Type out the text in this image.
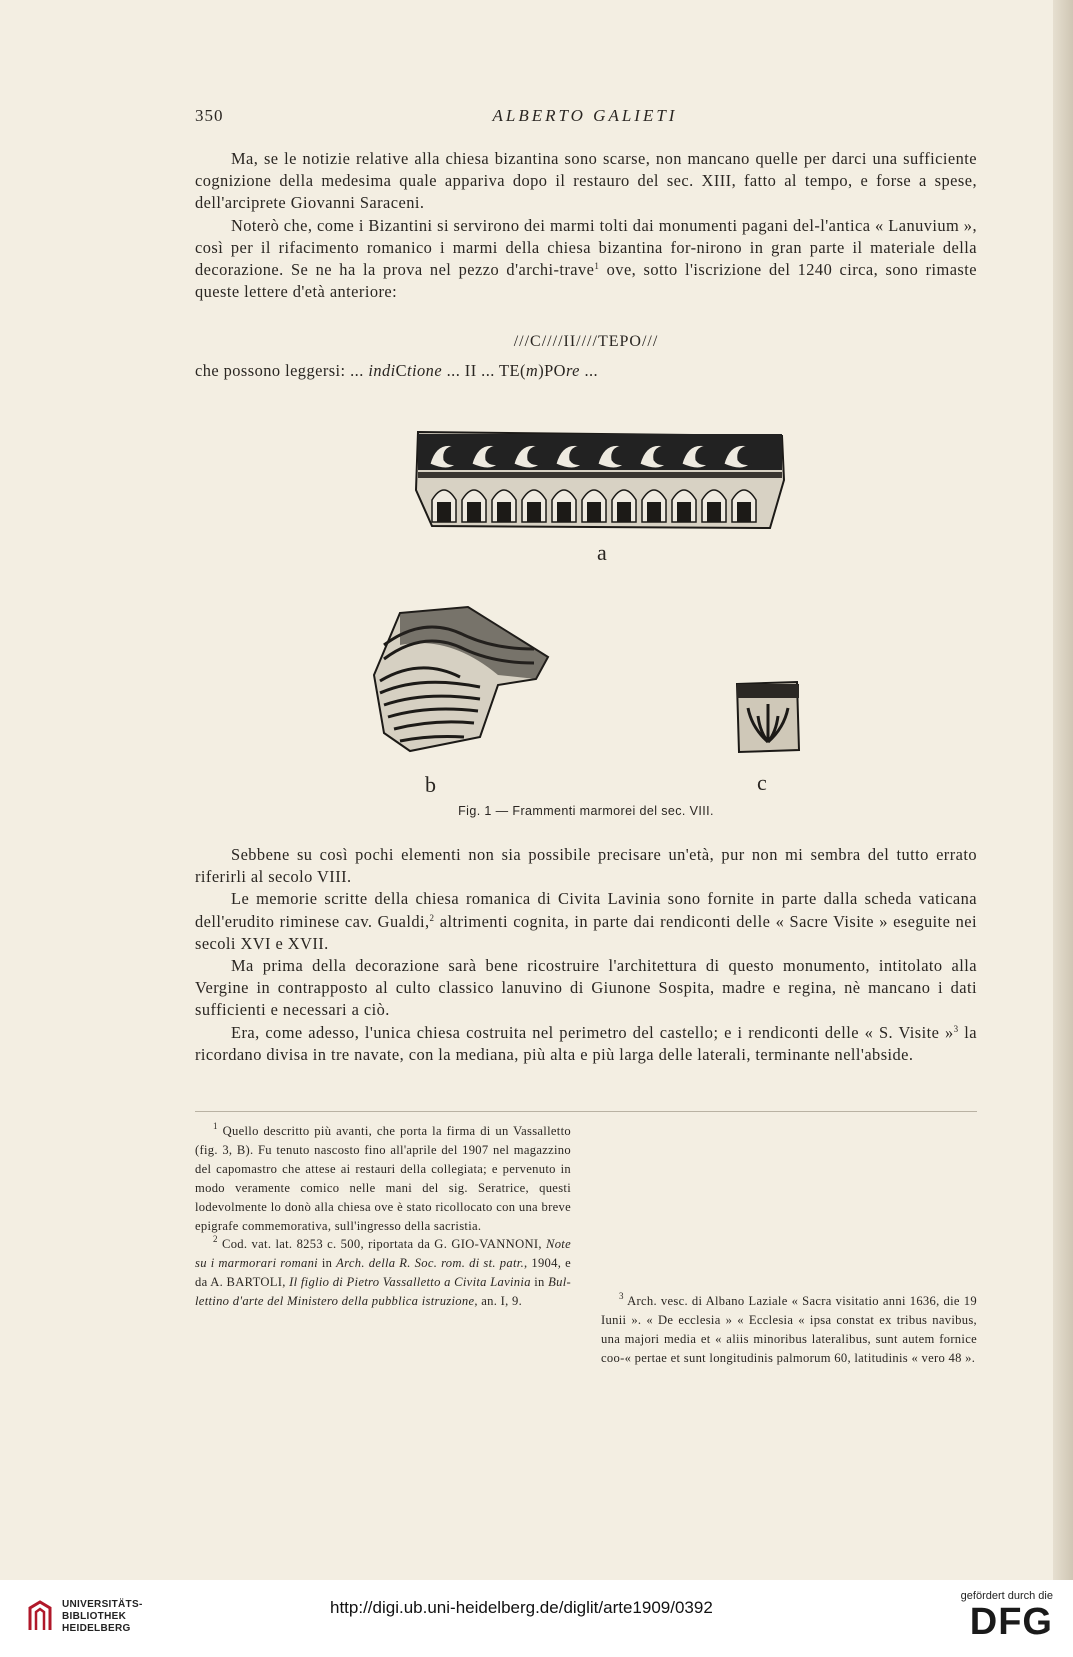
350	ALBERTO GALIETI

Ma, se le notizie relative alla chiesa bizantina sono scarse, non mancano quelle per darci una sufficiente cognizione della medesima quale appariva dopo il restauro del sec. XIII, fatto al tempo, e forse a spese, dell'arciprete Giovanni Saraceni.

Noterò che, come i Bizantini si servirono dei marmi tolti dai monumenti pagani del-l'antica « Lanuvium », così per il rifacimento romanico i marmi della chiesa bizantina for-nirono in gran parte il materiale della decorazione. Se ne ha la prova nel pezzo d'archi-trave$^1$ ove, sotto l'iscrizione del 1240 circa, sono rimaste queste lettere d'età anteriore:

///C////II////TEPO///
che possono leggersi: ... indiCtione ... II ... TE(m)POre ...
a
b	c
Fig. 1 — Frammenti marmorei del sec. VIII.

Sebbene su così pochi elementi non sia possibile precisare un'età, pur non mi sembra del tutto errato riferirli al secolo VIII.

Le memorie scritte della chiesa romanica di Civita Lavinia sono fornite in parte dalla scheda vaticana dell'erudito riminese cav. Gualdi,$^2$ altrimenti cognita, in parte dai rendiconti delle « Sacre Visite » eseguite nei secoli XVI e XVII.

Ma prima della decorazione sarà bene ricostruire l'architettura di questo monumento, intitolato alla Vergine in contrapposto al culto classico lanuvino di Giunone Sospita, madre e regina, nè mancano i dati sufficienti e necessari a ciò.

Era, come adesso, l'unica chiesa costruita nel perimetro del castello; e i rendiconti delle « S. Visite »$^3$ la ricordano divisa in tre navate, con la mediana, più alta e più larga delle laterali, terminante nell'abside.

$^1$ Quello descritto più avanti, che porta la firma di un Vassalletto (fig. 3, B). Fu tenuto nascosto fino all'aprile del 1907 nel magazzino del capomastro che attese ai restauri della collegiata; e pervenuto in modo veramente comico nelle mani del sig. Seratrice, questi lodevolmente lo donò alla chiesa ove è stato ricollocato con una breve epigrafe commemorativa, sull'ingresso della sacristia.

$^2$ Cod. vat. lat. 8253 c. 500, riportata da G. GIO-VANNONI, Note su i marmorari romani in Arch. della R. Soc. rom. di st. patr., 1904, e da A. BARTOLI, Il figlio di Pietro Vassalletto a Civita Lavinia in Bul-lettino d'arte del Ministero della pubblica istruzione, an. I, 9.	$^3$ Arch. vesc. di Albano Laziale « Sacra visitatio anni 1636, die 19 Iunii ». « De ecclesia » « Ecclesia « ipsa constat ex tribus navibus, una majori media et « aliis minoribus lateralibus, sunt autem fornice coo-« pertae et sunt longitudinis palmorum 60, latitudinis « vero 48 ».

UNIVERSITÄTS-
BIBLIOTHEK
HEIDELBERG
http://digi.ub.uni-heidelberg.de/diglit/arte1909/0392
gefördert durch die
DFG
